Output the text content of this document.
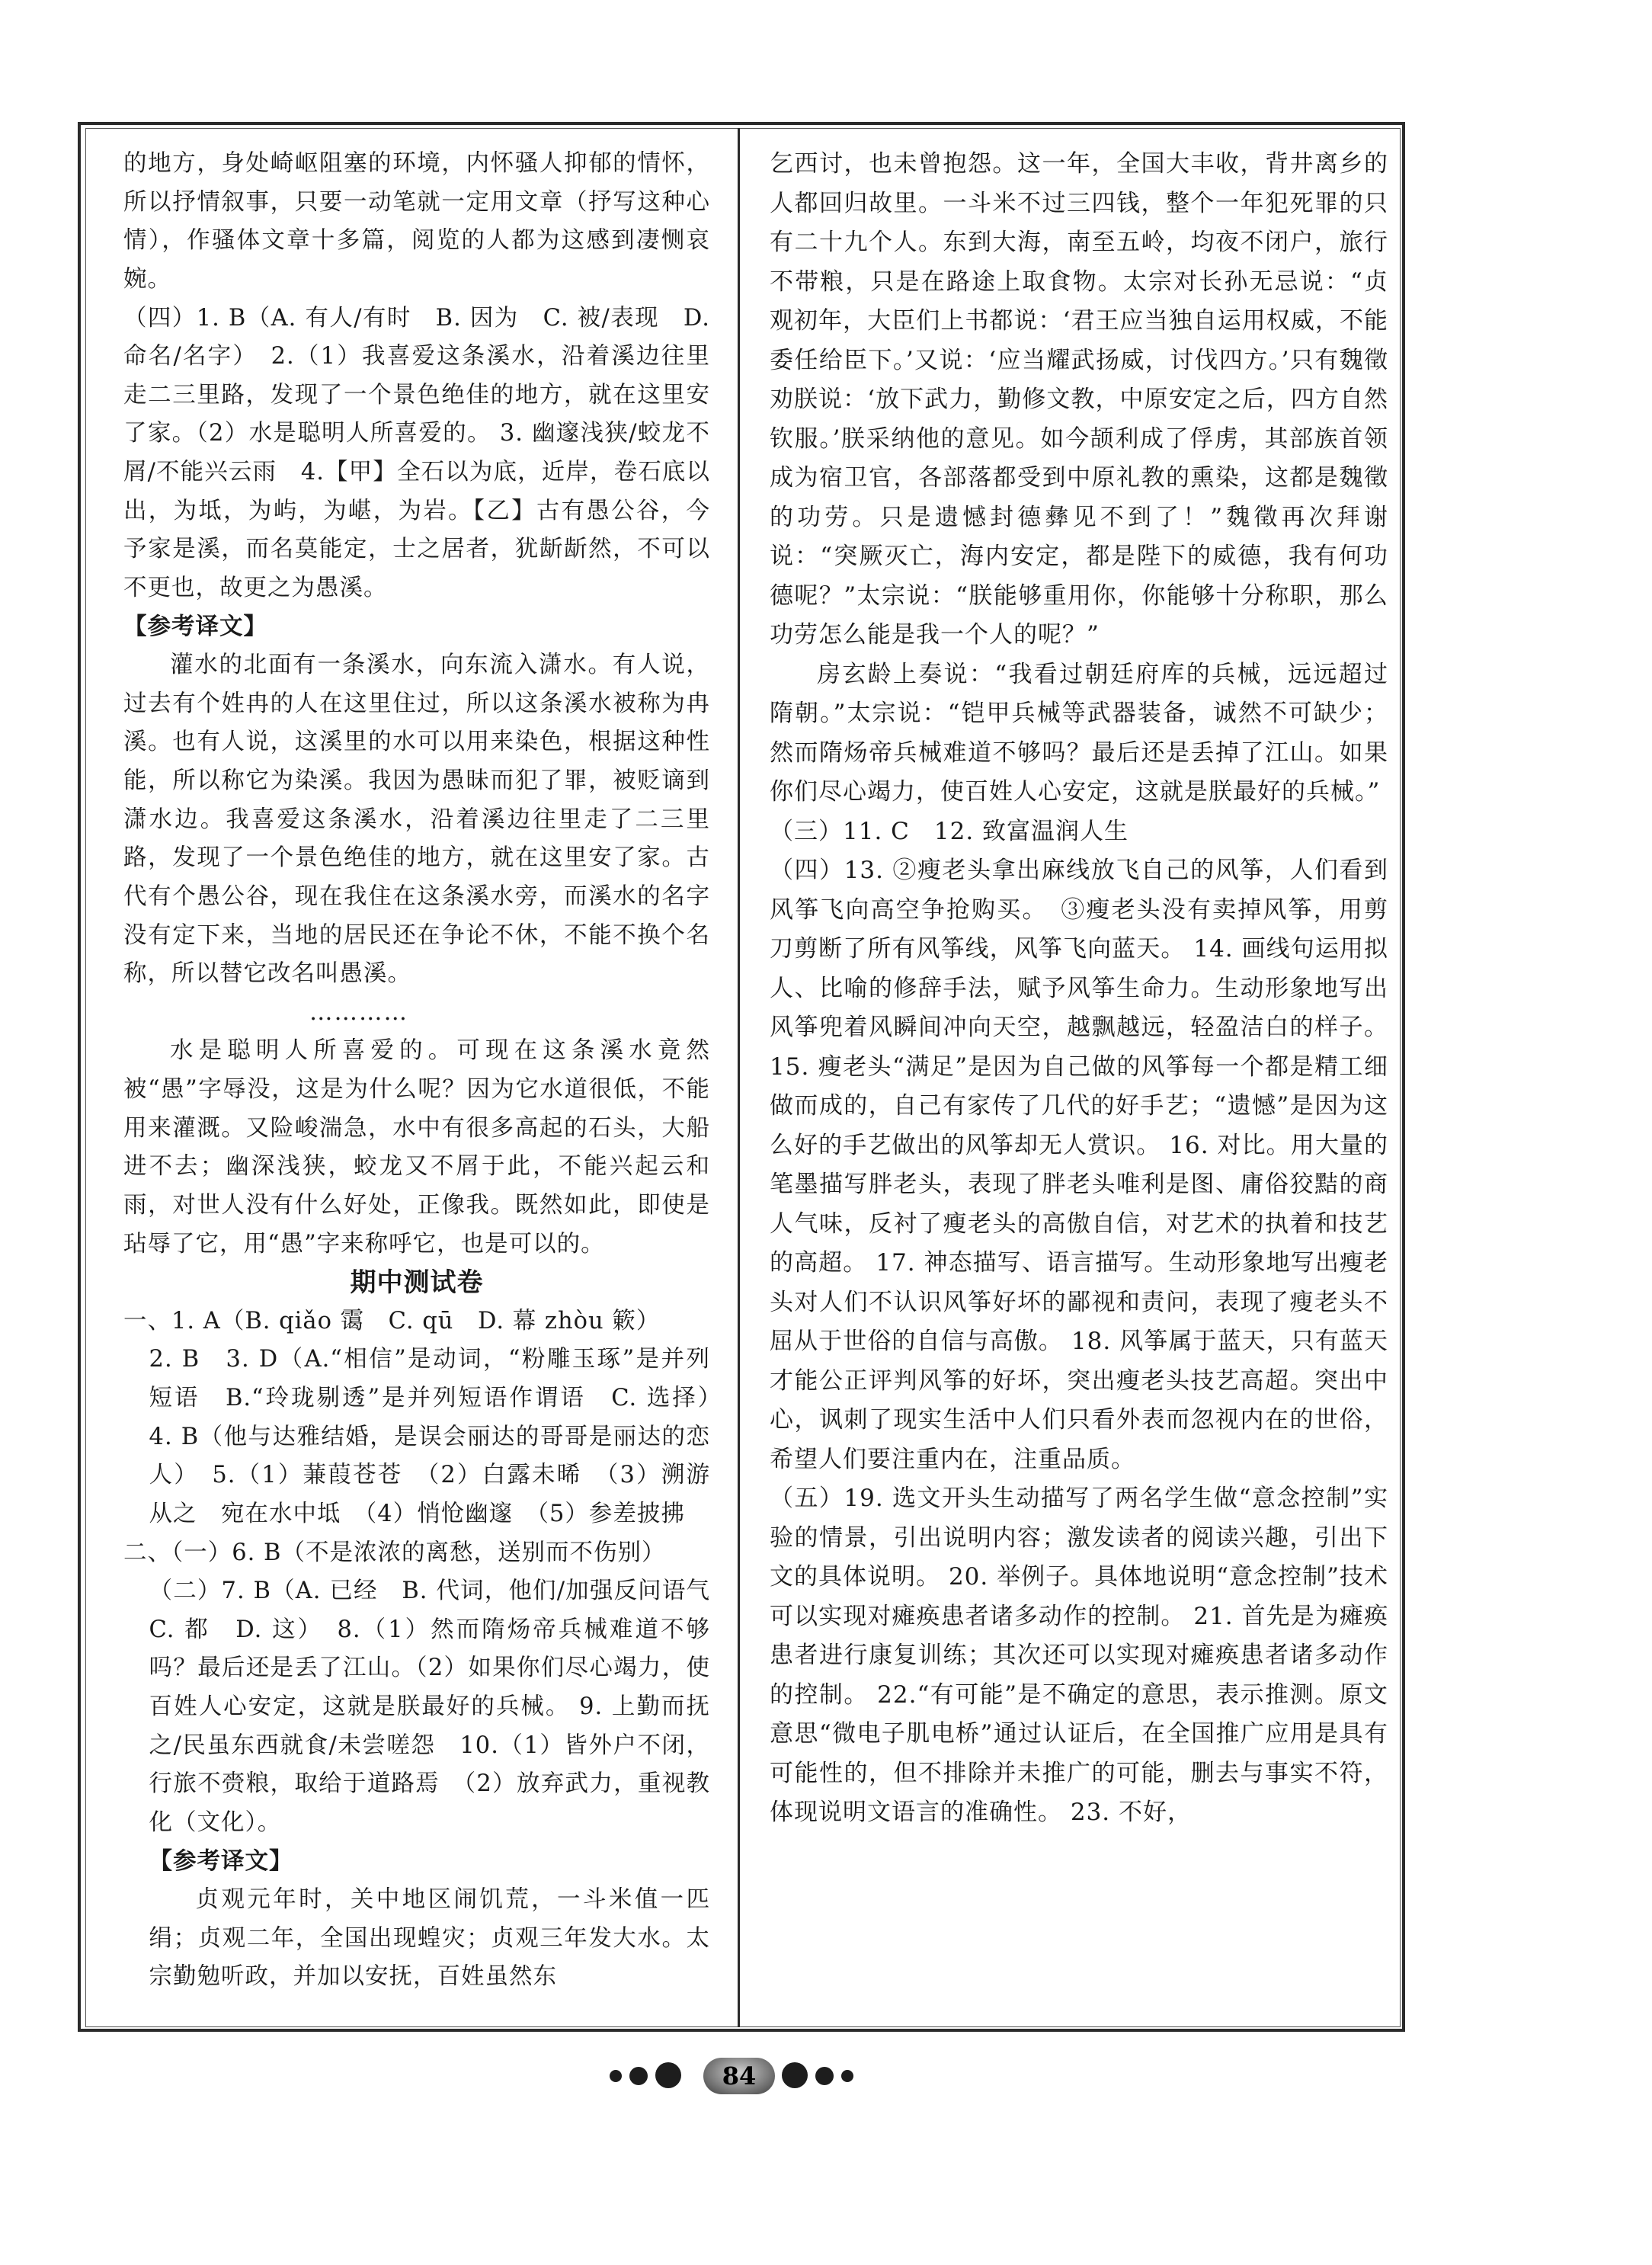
的地方，身处崎岖阻塞的环境，内怀骚人抑郁的情怀，所以抒情叙事，只要一动笔就一定用文章（抒写这种心情），作骚体文章十多篇，阅览的人都为这感到凄恻哀婉。

（四）1. B（A. 有人/有时　B. 因为　C. 被/表现　D. 命名/名字）　2.（1）我喜爱这条溪水，沿着溪边往里走二三里路，发现了一个景色绝佳的地方，就在这里安了家。（2）水是聪明人所喜爱的。 3. 幽邃浅狭/蛟龙不屑/不能兴云雨　4.【甲】全石以为底，近岸，卷石底以出，为坻，为屿，为嵁，为岩。【乙】古有愚公谷，今予家是溪，而名莫能定，士之居者，犹龂龂然，不可以不更也，故更之为愚溪。

【参考译文】

灌水的北面有一条溪水，向东流入潇水。有人说，过去有个姓冉的人在这里住过，所以这条溪水被称为冉溪。也有人说，这溪里的水可以用来染色，根据这种性能，所以称它为染溪。我因为愚昧而犯了罪，被贬谪到潇水边。我喜爱这条溪水，沿着溪边往里走了二三里路，发现了一个景色绝佳的地方，就在这里安了家。古代有个愚公谷，现在我住在这条溪水旁，而溪水的名字没有定下来，当地的居民还在争论不休，不能不换个名称，所以替它改名叫愚溪。

…………

水是聪明人所喜爱的。可现在这条溪水竟然被“愚”字辱没，这是为什么呢？因为它水道很低，不能用来灌溉。又险峻湍急，水中有很多高起的石头，大船进不去；幽深浅狭，蛟龙又不屑于此，不能兴起云和雨，对世人没有什么好处，正像我。既然如此，即使是玷辱了它，用“愚”字来称呼它，也是可以的。

期中测试卷

一、1. A（B. qiǎo 霭　C. qū　D. 幕 zhòu 簌）

2. B　3. D（A.“相信”是动词，“粉雕玉琢”是并列短语　B.“玲珑剔透”是并列短语作谓语　C. 选择）　4. B（他与达雅结婚，是误会丽达的哥哥是丽达的恋人）　5.（1）蒹葭苍苍　（2）白露未晞　（3）溯游从之　宛在水中坻　（4）悄怆幽邃　（5）参差披拂

二、（一）6. B（不是浓浓的离愁，送别而不伤别）

（二）7. B（A. 已经　B. 代词，他们/加强反问语气　C. 都　D. 这）　8.（1）然而隋炀帝兵械难道不够吗？最后还是丢了江山。（2）如果你们尽心竭力，使百姓人心安定，这就是朕最好的兵械。 9. 上勤而抚之/民虽东西就食/未尝嗟怨　10.（1）皆外户不闭，行旅不赍粮，取给于道路焉　（2）放弃武力，重视教化（文化）。

【参考译文】

贞观元年时，关中地区闹饥荒，一斗米值一匹绢；贞观二年，全国出现蝗灾；贞观三年发大水。太宗勤勉听政，并加以安抚，百姓虽然东

乞西讨，也未曾抱怨。这一年，全国大丰收，背井离乡的人都回归故里。一斗米不过三四钱，整个一年犯死罪的只有二十九个人。东到大海，南至五岭，均夜不闭户，旅行不带粮，只是在路途上取食物。太宗对长孙无忌说：“贞观初年，大臣们上书都说：‘君王应当独自运用权威，不能委任给臣下。’又说：‘应当耀武扬威，讨伐四方。’只有魏徵劝朕说：‘放下武力，勤修文教，中原安定之后，四方自然钦服。’朕采纳他的意见。如今颉利成了俘虏，其部族首领成为宿卫官，各部落都受到中原礼教的熏染，这都是魏徵的功劳。只是遗憾封德彝见不到了！”魏徵再次拜谢说：“突厥灭亡，海内安定，都是陛下的威德，我有何功德呢？”太宗说：“朕能够重用你，你能够十分称职，那么功劳怎么能是我一个人的呢？”

房玄龄上奏说：“我看过朝廷府库的兵械，远远超过隋朝。”太宗说：“铠甲兵械等武器装备，诚然不可缺少；然而隋炀帝兵械难道不够吗？最后还是丢掉了江山。如果你们尽心竭力，使百姓人心安定，这就是朕最好的兵械。”

（三）11. C　12. 致富温润人生

（四）13. ②瘦老头拿出麻线放飞自己的风筝，人们看到风筝飞向高空争抢购买。　③瘦老头没有卖掉风筝，用剪刀剪断了所有风筝线，风筝飞向蓝天。 14. 画线句运用拟人、比喻的修辞手法，赋予风筝生命力。生动形象地写出风筝兜着风瞬间冲向天空，越飘越远，轻盈洁白的样子。 15. 瘦老头“满足”是因为自己做的风筝每一个都是精工细做而成的，自己有家传了几代的好手艺；“遗憾”是因为这么好的手艺做出的风筝却无人赏识。 16. 对比。用大量的笔墨描写胖老头，表现了胖老头唯利是图、庸俗狡黠的商人气味，反衬了瘦老头的高傲自信，对艺术的执着和技艺的高超。 17. 神态描写、语言描写。生动形象地写出瘦老头对人们不认识风筝好坏的鄙视和责问，表现了瘦老头不屈从于世俗的自信与高傲。 18. 风筝属于蓝天，只有蓝天才能公正评判风筝的好坏，突出瘦老头技艺高超。突出中心，讽刺了现实生活中人们只看外表而忽视内在的世俗，希望人们要注重内在，注重品质。

（五）19. 选文开头生动描写了两名学生做“意念控制”实验的情景，引出说明内容；激发读者的阅读兴趣，引出下文的具体说明。 20. 举例子。具体地说明“意念控制”技术可以实现对瘫痪患者诸多动作的控制。 21. 首先是为瘫痪患者进行康复训练；其次还可以实现对瘫痪患者诸多动作的控制。 22.“有可能”是不确定的意思，表示推测。原文意思“微电子肌电桥”通过认证后，在全国推广应用是具有可能性的，但不排除并未推广的可能，删去与事实不符，体现说明文语言的准确性。 23. 不好，

84
